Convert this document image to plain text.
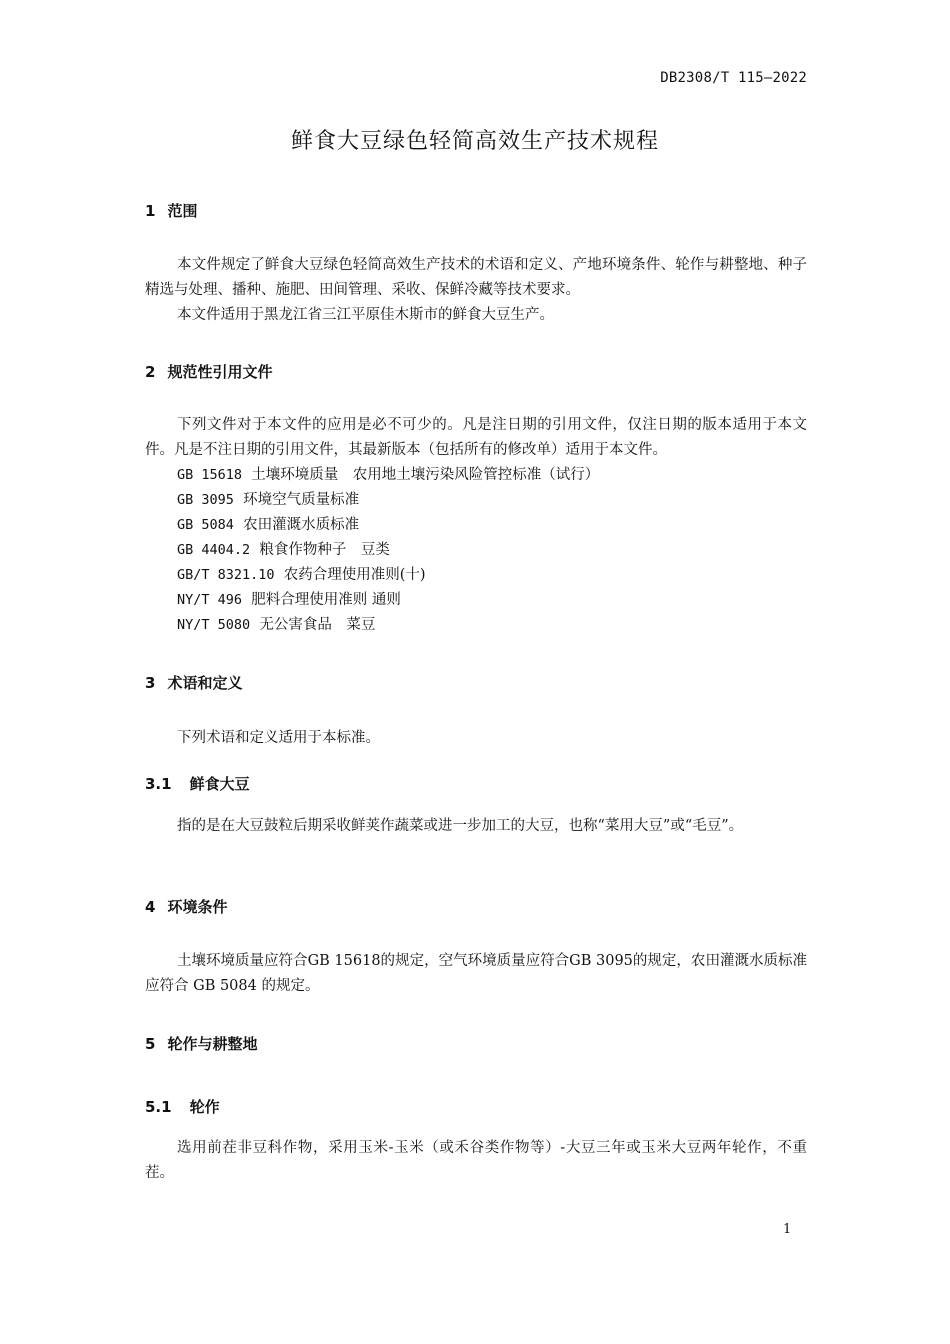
DB2308/T 115—2022
鲜食大豆绿色轻简高效生产技术规程
1 范围

本文件规定了鲜食大豆绿色轻简高效生产技术的术语和定义、产地环境条件、轮作与耕整地、种子精选与处理、播种、施肥、田间管理、采收、保鲜冷藏等技术要求。

本文件适用于黑龙江省三江平原佳木斯市的鲜食大豆生产。

2 规范性引用文件

下列文件对于本文件的应用是必不可少的。凡是注日期的引用文件，仅注日期的版本适用于本文件。凡是不注日期的引用文件，其最新版本（包括所有的修改单）适用于本文件。

GB 15618 土壤环境质量　农用地土壤污染风险管控标准（试行）
GB 3095 环境空气质量标准
GB 5084 农田灌溉水质标准
GB 4404.2 粮食作物种子　豆类
GB/T 8321.10 农药合理使用准则(十)
NY/T 496 肥料合理使用准则 通则
NY/T 5080 无公害食品　菜豆
3 术语和定义

下列术语和定义适用于本标准。

3.1 鲜食大豆

指的是在大豆鼓粒后期采收鲜荚作蔬菜或进一步加工的大豆，也称“菜用大豆”或“毛豆”。

4 环境条件

土壤环境质量应符合GB 15618的规定，空气环境质量应符合GB 3095的规定，农田灌溉水质标准应符合 GB 5084 的规定。

5 轮作与耕整地
5.1 轮作

选用前茬非豆科作物，采用玉米-玉米（或禾谷类作物等）-大豆三年或玉米大豆两年轮作，不重茬。

1
